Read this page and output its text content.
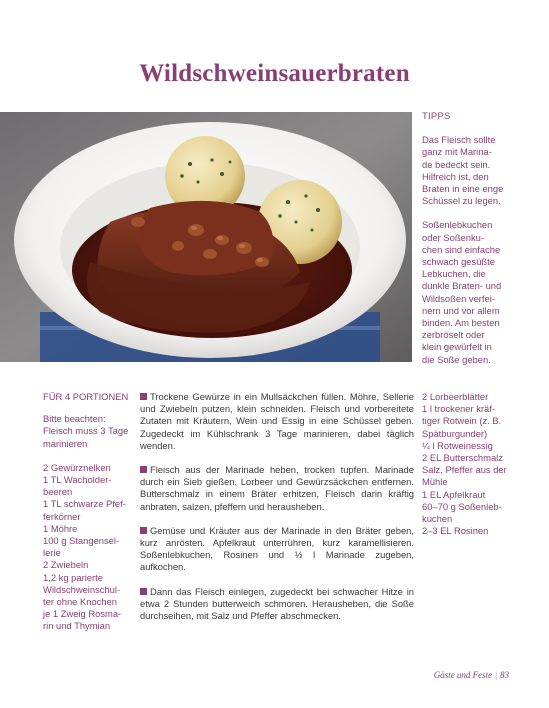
Wildschweinsauerbraten
TIPPS

Das Fleisch sollte
ganz mit Marina-
de bedeckt sein.
Hilfreich ist, den
Braten in eine enge
Schüssel zu legen.

Soßenlebkuchen
oder Soßenku-
chen sind einfache
schwach gesüßte
Lebkuchen, die
dunkle Braten- und
Wildsoßen verfei-
nern und vor allem
binden. Am besten
zerbröselt oder
klein gewürfelt in
die Soße geben.

FÜR 4 PORTIONEN
Bitte beachten:
Fleisch muss 3 Tage
marinieren
2 Gewürznelken
1 TL Wacholder-
beeren
1 TL schwarze Pfef-
ferkörner
1 Möhre
100 g Stangensel-
lerie
2 Zwiebeln
1,2 kg parierte
Wildschweinschul-
ter ohne Knochen
je 1 Zweig Rosma-
rin und Thymian

Trockene Gewürze in ein Mullsäckchen füllen. Möhre, Sellerie und Zwiebeln putzen, klein schneiden. Fleisch und vorbereitete Zutaten mit Kräutern, Wein und Essig in eine Schüssel geben. Zugedeckt im Kühlschrank 3 Tage marinieren, dabei täglich wenden.

Fleisch aus der Marinade heben, trocken tupfen. Marinade durch ein Sieb gießen, Lorbeer und Gewürzsäckchen entfernen. Butterschmalz in einem Bräter erhitzen, Fleisch darin kräftig anbraten, salzen, pfeffern und herausheben.

Gemüse und Kräuter aus der Marinade in den Bräter geben, kurz anrösten. Apfelkraut unterrühren, kurz karamellisieren. Soßenlebkuchen, Rosinen und ½ l Marinade zugeben, aufkochen.

Dann das Fleisch einlegen, zugedeckt bei schwacher Hitze in etwa 2 Stunden butterweich schmoren. Herausheben, die Soße durchseihen, mit Salz und Pfeffer abschmecken.

2 Lorbeerblätter
1 l trockener kräf-
tiger Rotwein (z. B.
Spätburgunder)
¼ l Rotweinessig
2 EL Butterschmalz
Salz, Pfeffer aus der
Mühle
1 EL Apfelkraut
60–70 g Soßenleb-
kuchen
2–3 EL Rosinen
Gäste und Feste | 83
